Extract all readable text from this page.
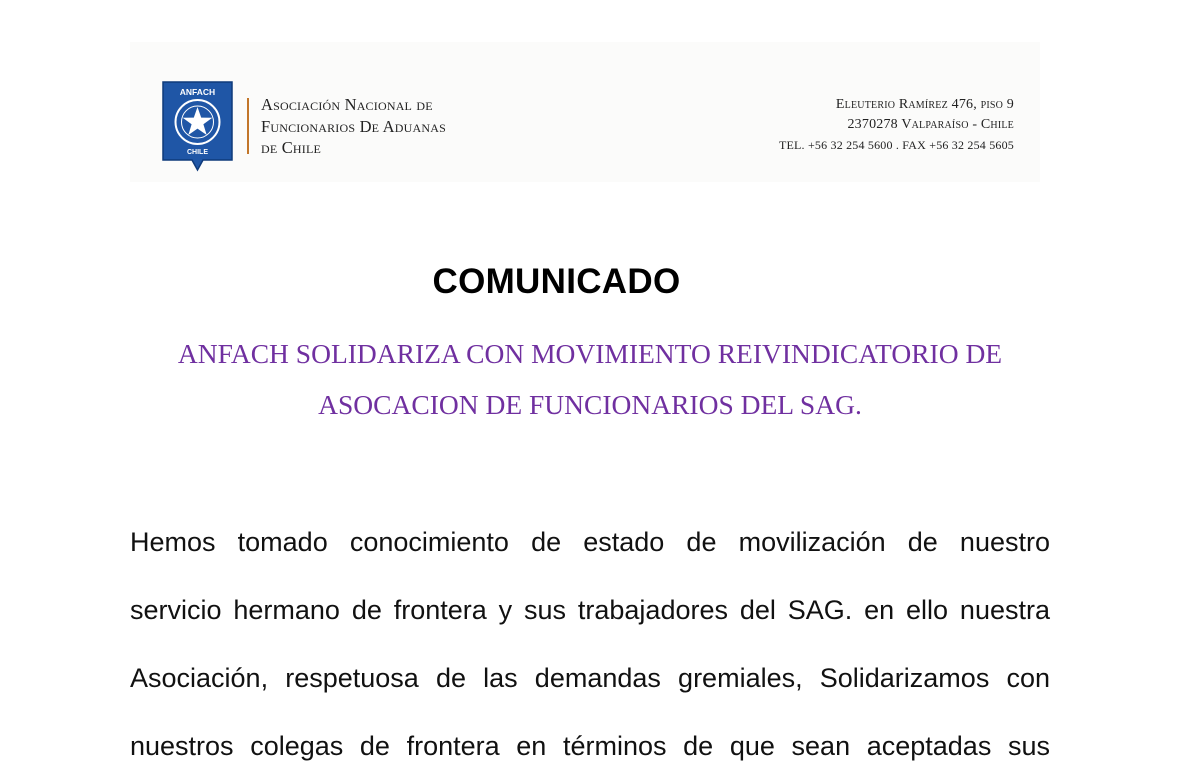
ANFACH
CHILE
Asociación Nacional de
Funcionarios De Aduanas
de Chile
Eleuterio Ramírez 476, piso 9
2370278 Valparaíso - Chile
TEL. +56 32 254 5600 . FAX +56 32 254 5605
COMUNICADO
ANFACH SOLIDARIZA CON MOVIMIENTO REIVINDICATORIO DE
ASOCACION DE FUNCIONARIOS DEL SAG.
Hemos tomado conocimiento de estado de movilización de nuestro
servicio hermano de frontera y sus trabajadores del SAG. en ello nuestra
Asociación, respetuosa de las demandas gremiales, Solidarizamos con
nuestros colegas de frontera en términos de que sean aceptadas sus
